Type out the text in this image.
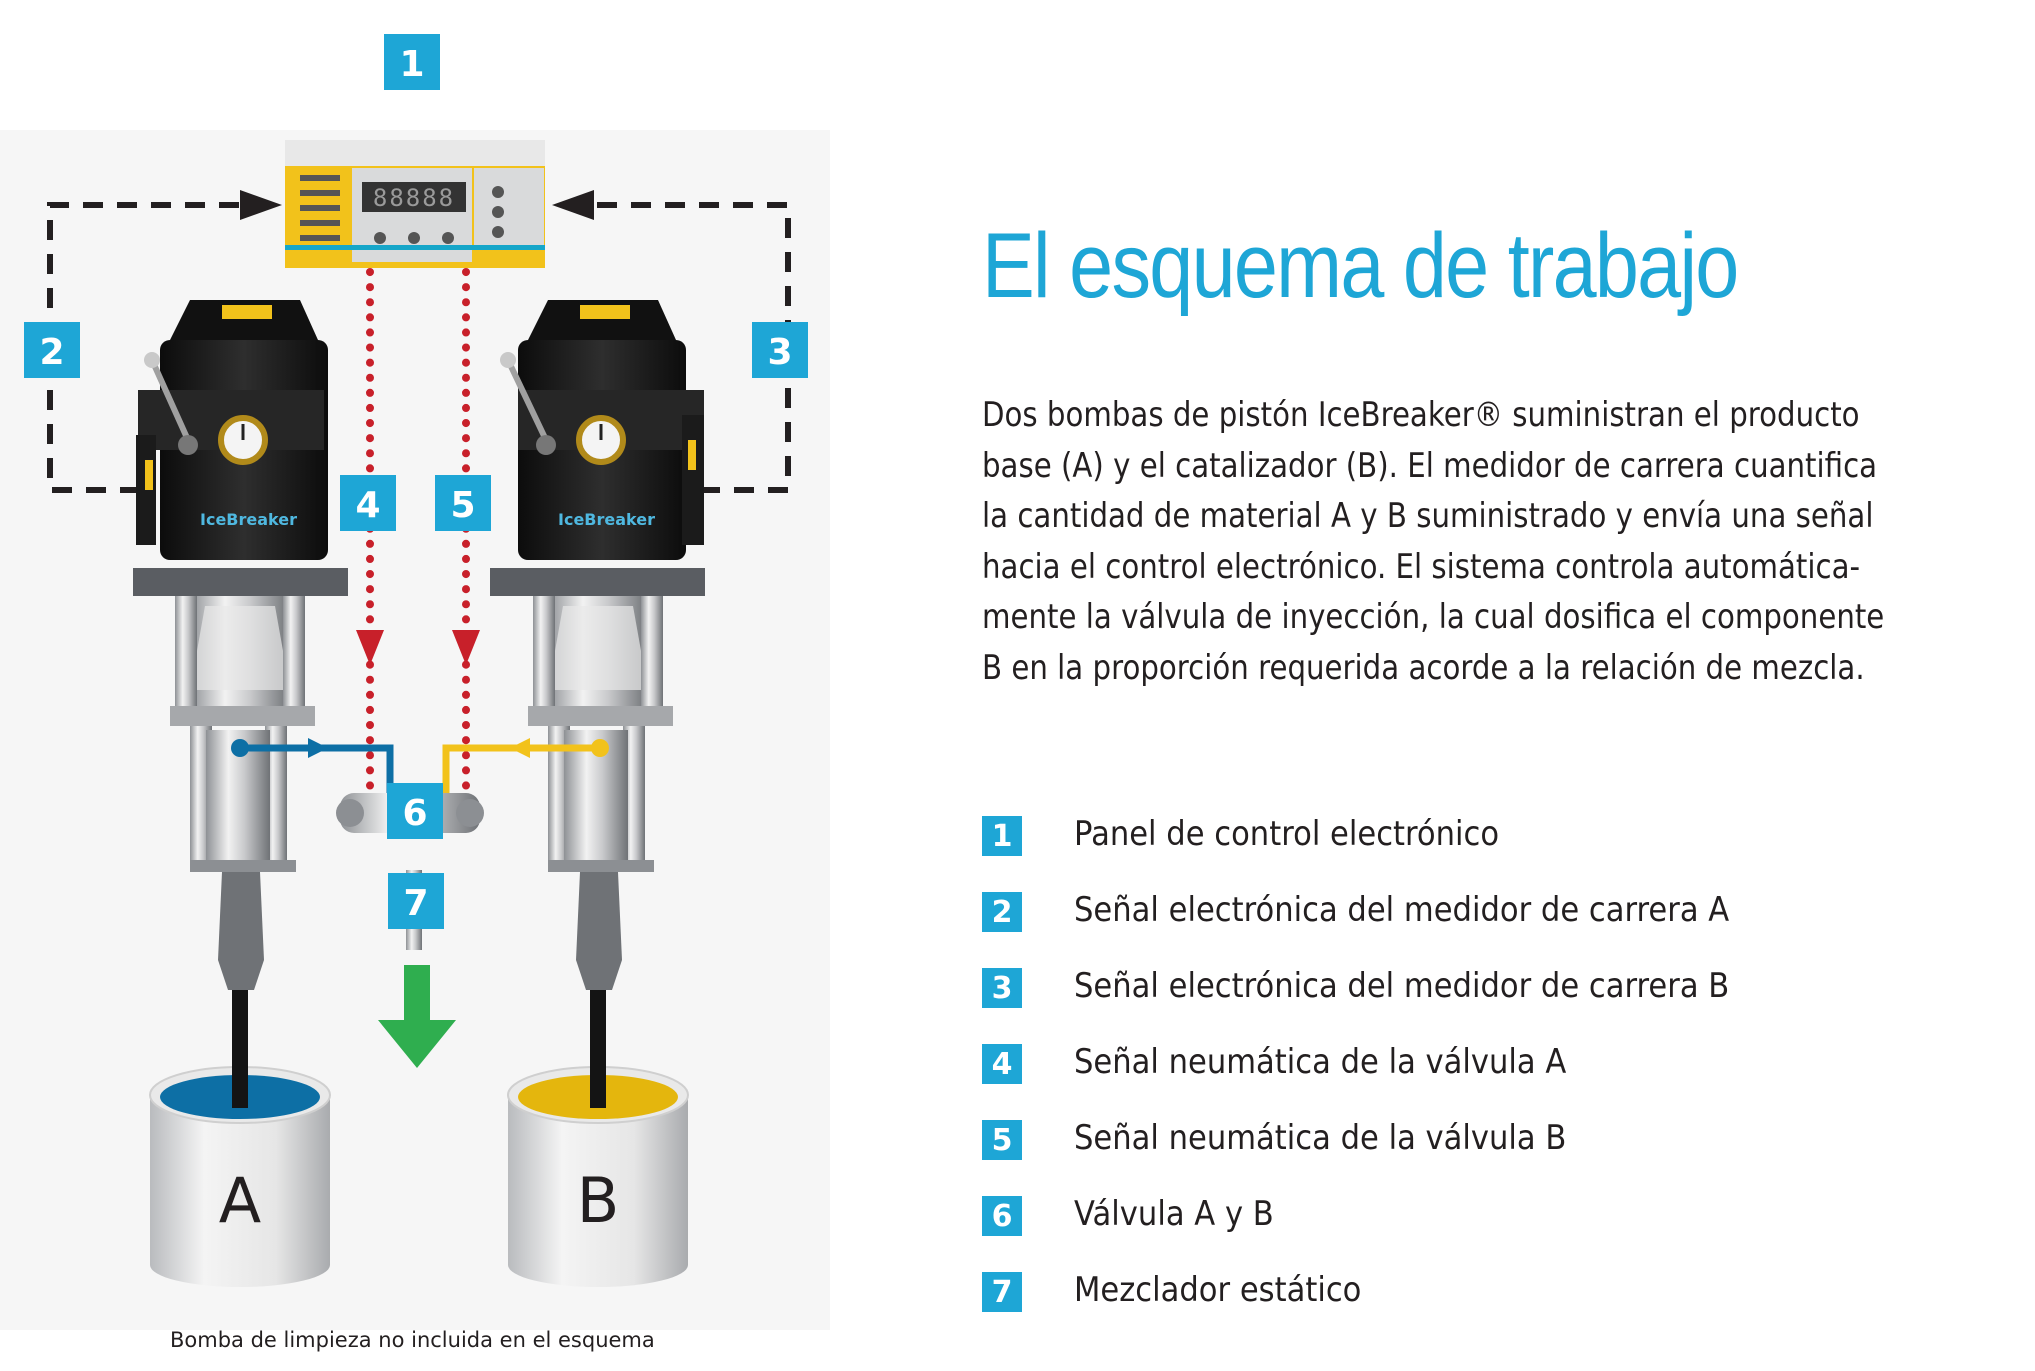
88888
IceBreaker	IceBreaker
A	B
1
2	3
4 5
6
7
Bomba de limpieza no incluida en el esquema
El esquema de trabajo
Dos bombas de pistón IceBreaker® suministran el producto
base (A) y el catalizador (B). El medidor de carrera cuantifica
la cantidad de material A y B suministrado y envía una señal
hacia el control electrónico. El sistema controla automática-
mente la válvula de inyección, la cual dosifica el componente
B en la proporción requerida acorde a la relación de mezcla.
1 Panel de control electrónico
2 Señal electrónica del medidor de carrera A
3 Señal electrónica del medidor de carrera B
4 Señal neumática de la válvula A
5 Señal neumática de la válvula B
6 Válvula A y B
7 Mezclador estático
